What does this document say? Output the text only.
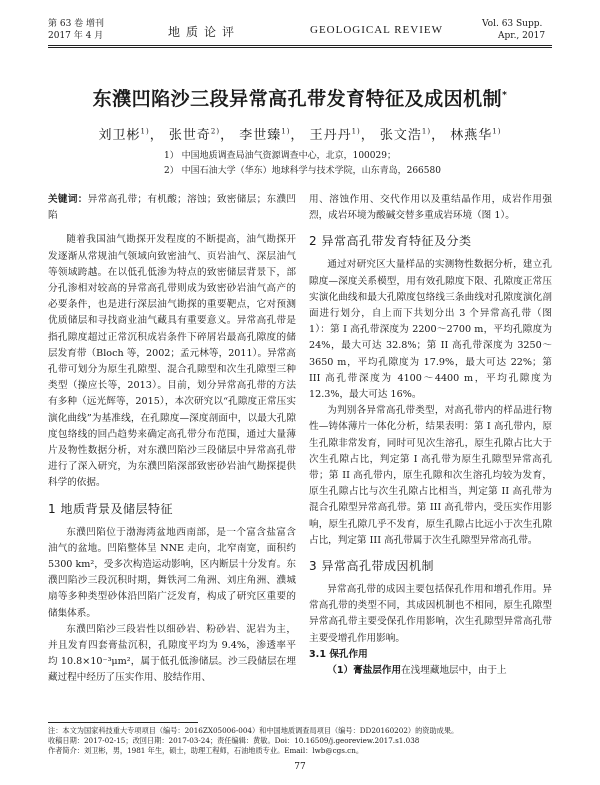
第 63 卷 增刊
2017 年 4 月	地质论评	GEOLOGICAL REVIEW	Vol. 63 Supp.
Apr., 2017
东濮凹陷沙三段异常高孔带发育特征及成因机制*
刘卫彬$^{1)}$， 张世奇$^{2)}$， 李世臻$^{1)}$， 王丹丹$^{1)}$， 张文浩$^{1)}$， 林燕华$^{1)}$
1） 中国地质调查局油气资源调查中心，北京，100029；
2） 中国石油大学（华东）地球科学与技术学院，山东青岛，266580

关键词：异常高孔带；有机酸；溶蚀；致密储层；东濮凹陷

随着我国油气勘探开发程度的不断提高，油气勘探开发逐渐从常规油气领域向致密油气、页岩油气、深层油气等领域跨越。在以低孔低渗为特点的致密储层背景下，部分孔渗相对较高的异常高孔带则成为致密砂岩油气高产的必要条件，也是进行深层油气勘探的重要靶点，它对预测优质储层和寻找商业油气藏具有重要意义。异常高孔带是指孔隙度超过正常沉积成岩条件下碎屑岩最高孔隙度的储层发育带（Bloch 等，2002；孟元林等，2011）。异常高孔带可划分为原生孔隙型、混合孔隙型和次生孔隙型三种类型（操应长等，2013）。目前，划分异常高孔带的方法有多种（远光辉等，2015），本次研究以“孔隙度正常压实演化曲线”为基准线，在孔隙度—深度剖面中，以最大孔隙度包络线的回凸趋势来确定高孔带分布范围，通过大量薄片及物性数据分析，对东濮凹陷沙三段储层中异常高孔带进行了深入研究，为东濮凹陷深部致密砂岩油气勘探提供科学的依据。

1 地质背景及储层特征

东濮凹陷位于渤海湾盆地西南部，是一个富含盐富含油气的盆地。凹陷整体呈 NNE 走向，北窄南宽，面积约 5300 km²，受多次构造运动影响，区内断层十分发育。东濮凹陷沙三段沉积时期，舞铁河二角洲、刘庄角洲、濮城扇等多种类型砂体沿凹陷广泛发育，构成了研究区重要的储集体系。

东濮凹陷沙三段岩性以细砂岩、粉砂岩、泥岩为主，并且发育四套膏盐沉积，孔隙度平均为 9.4%，渗透率平均 10.8×10⁻³μm²，属于低孔低渗储层。沙三段储层在埋藏过程中经历了压实作用、胶结作用、

用、溶蚀作用、交代作用以及重结晶作用，成岩作用强烈，成岩环境为酸碱交替多重成岩环境（图 1）。

2 异常高孔带发育特征及分类

通过对研究区大量样品的实测物性数据分析，建立孔隙度—深度关系模型，用有效孔隙度下限、孔隙度正常压实演化曲线和最大孔隙度包络线三条曲线对孔隙度演化剖面进行划分，自上而下共划分出 3 个异常高孔带（图 1）：第 I 高孔带深度为 2200～2700 m，平均孔隙度为 24%，最大可达 32.8%；第 II 高孔带深度为 3250～3650 m，平均孔隙度为 17.9%，最大可达 22%；第 III 高孔带深度为 4100～4400 m，平均孔隙度为 12.3%，最大可达 16%。

为判别各异常高孔带类型，对高孔带内的样品进行物性—铸体薄片一体化分析，结果表明：第 I 高孔带内，原生孔隙非常发育，同时可见次生溶孔，原生孔隙占比大于次生孔隙占比，判定第 I 高孔带为原生孔隙型异常高孔带；第 II 高孔带内，原生孔隙和次生溶孔均较为发育，原生孔隙占比与次生孔隙占比相当，判定第 II 高孔带为混合孔隙型异常高孔带。第 III 高孔带内，受压实作用影响，原生孔隙几乎不发育，原生孔隙占比远小于次生孔隙占比，判定第 III 高孔带属于次生孔隙型异常高孔带。

3 异常高孔带成因机制

异常高孔带的成因主要包括保孔作用和增孔作用。异常高孔带的类型不同，其成因机制也不相同，原生孔隙型异常高孔带主要受保孔作用影响，次生孔隙型异常高孔带主要受增孔作用影响。

3.1 保孔作用

（1）膏盐层作用在浅埋藏地层中，由于上

注：本文为国家科技重大专项项目（编号：2016ZX05006-004）和中国地质调查局项目（编号：DD20160202）的资助成果。
收稿日期：2017-02-15；改回日期：2017-03-24；责任编辑：黄敏。Doi：10.16509/j.georeview.2017.s1.038
作者简介：刘卫彬，男，1981 年生，硕士，助理工程师，石油地质专业。Email：lwb@cgs.cn。
77
